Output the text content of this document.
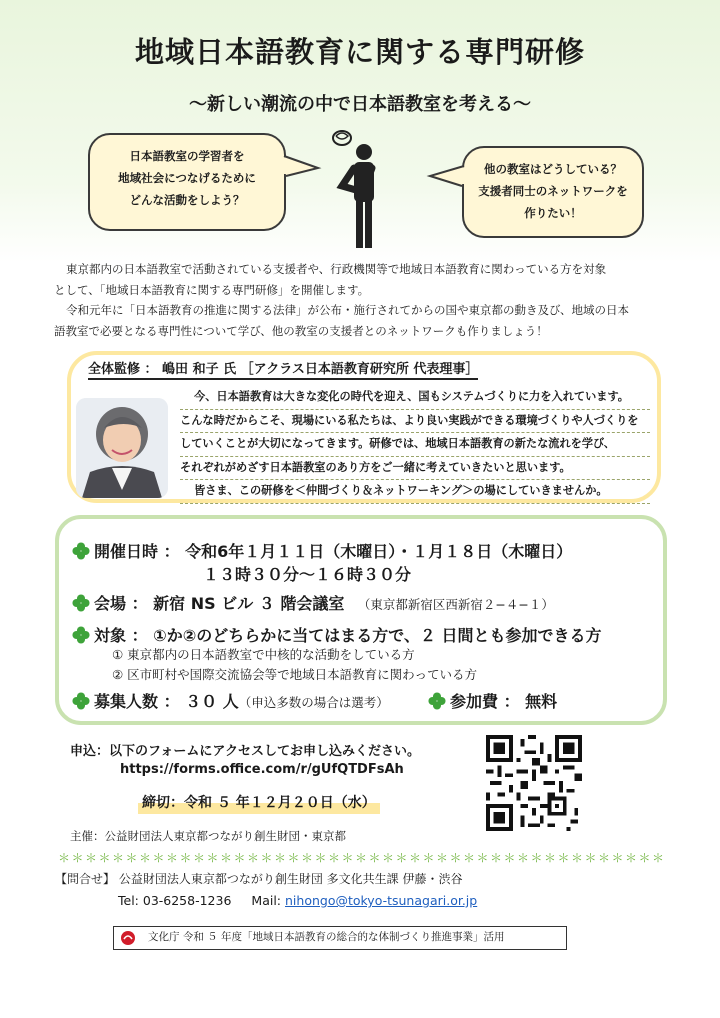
地域日本語教育に関する専門研修
〜新しい潮流の中で日本語教室を考える〜
日本語教室の学習者を
地域社会につなげるために
どんな活動をしよう？
他の教室はどうしている？
支援者同士のネットワークを
作りたい！

東京都内の日本語教室で活動されている支援者や、行政機関等で地域日本語教育に関わっている方を対象

として、「地域日本語教育に関する専門研修」を開催します。

令和元年に「日本語教育の推進に関する法律」が公布・施行されてからの国や東京都の動き及び、地域の日本

語教室で必要となる専門性について学び、他の教室の支援者とのネットワークも作りましょう！
全体監修 ： 嶋田 和子 氏 ［アクラス日本語教育研究所 代表理事］
今、日本語教育は大きな変化の時代を迎え、国もシステムづくりに力を入れています。
こんな時だからこそ、現場にいる私たちは、より良い実践ができる環境づくりや人づくりを
していくことが大切になってきます。研修では、地域日本語教育の新たな流れを学び、
それぞれがめざす日本語教室のあり方をご一緒に考えていきたいと思います。
皆さま、この研修を＜仲間づくり＆ネットワーキング＞の場にしていきませんか。
開催日時 ： 令和6年１月１１日（木曜日）・１月１８日（木曜日）
１３時３０分〜１６時３０分
会場 ： 新宿 NS ビル ３ 階会議室 （東京都新宿区西新宿２−４−１）
対象 ： ①か②のどちらかに当てはまる方で、２ 日間とも参加できる方
① 東京都内の日本語教室で中核的な活動をしている方
② 区市町村や国際交流協会等で地域日本語教育に関わっている方
募集人数 ： ３０ 人（申込多数の場合は選考）	参加費 ： 無料
申込：以下のフォームにアクセスしてお申し込みください。
https://forms.office.com/r/gUfQTDFsAh
締切：令和 ５ 年１２月２０日（水）
主催：公益財団法人東京都つながり創生財団・東京都
＊＊＊＊＊＊＊＊＊＊＊＊＊＊＊＊＊＊＊＊＊＊＊＊＊＊＊＊＊＊＊＊＊＊＊＊＊＊＊＊＊＊＊＊＊
【問合せ】 公益財団法人東京都つながり創生財団 多文化共生課 伊藤・渋谷
Tel: 03-6258-1236 Mail: nihongo@tokyo-tsunagari.or.jp
文化庁 令和 ５ 年度「地域日本語教育の総合的な体制づくり推進事業」活用
